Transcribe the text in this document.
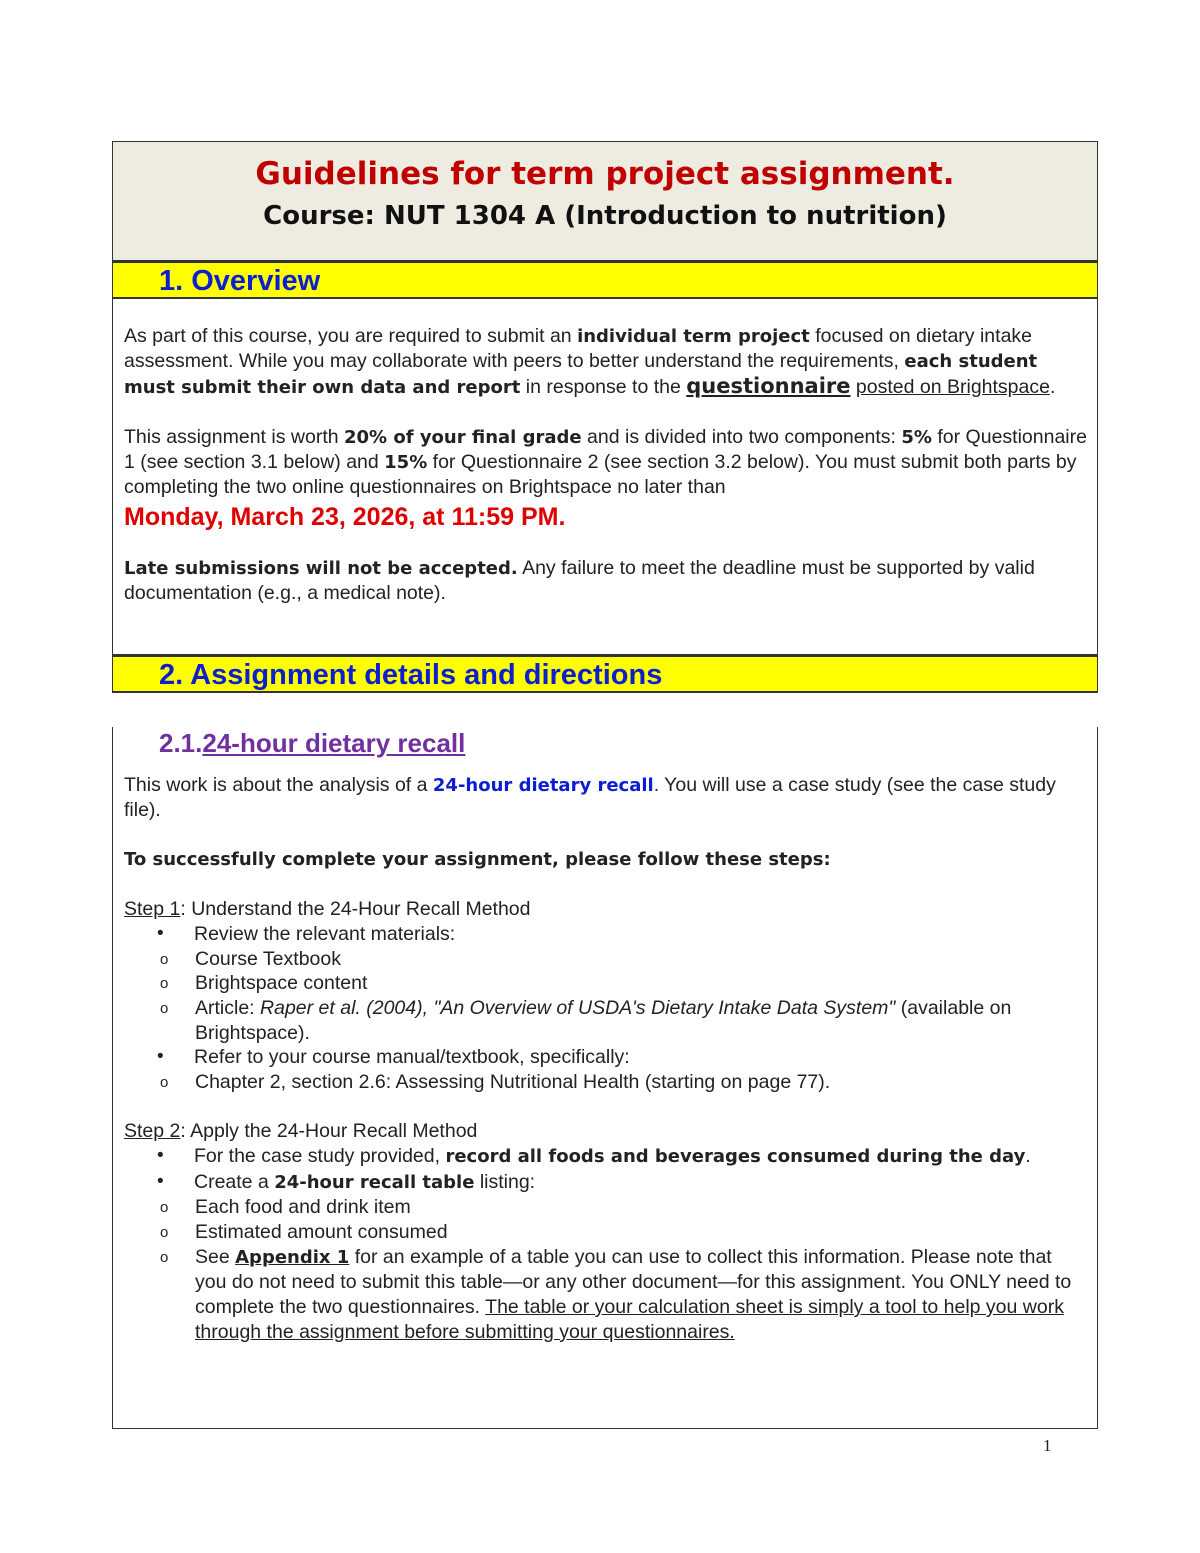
Guidelines for term project assignment.
Course: NUT 1304 A (Introduction to nutrition)
1. Overview

As part of this course, you are required to submit an individual term project focused on dietary intake assessment. While you may collaborate with peers to better understand the requirements, each student must submit their own data and report in response to the questionnaire posted on Brightspace.

This assignment is worth 20% of your final grade and is divided into two components: 5% for Questionnaire 1 (see section 3.1 below) and 15% for Questionnaire 2 (see section 3.2 below). You must submit both parts by completing the two online questionnaires on Brightspace no later than

Monday, March 23, 2026, at 11:59 PM.

Late submissions will not be accepted. Any failure to meet the deadline must be supported by valid documentation (e.g., a medical note).

2. Assignment details and directions
2.1.24-hour dietary recall

This work is about the analysis of a 24-hour dietary recall. You will use a case study (see the case study file).

To successfully complete your assignment, please follow these steps:

Step 1: Understand the 24-Hour Recall Method

• Review the relevant materials:
o Course Textbook
o Brightspace content
o Article: Raper et al. (2004), "An Overview of USDA's Dietary Intake Data System" (available on Brightspace).
• Refer to your course manual/textbook, specifically:
o Chapter 2, section 2.6: Assessing Nutritional Health (starting on page 77).

Step 2: Apply the 24-Hour Recall Method

• For the case study provided, record all foods and beverages consumed during the day.
• Create a 24-hour recall table listing:
o Each food and drink item
o Estimated amount consumed
o See Appendix 1 for an example of a table you can use to collect this information. Please note that you do not need to submit this table—or any other document—for this assignment. You ONLY need to complete the two questionnaires. The table or your calculation sheet is simply a tool to help you work through the assignment before submitting your questionnaires.
1
